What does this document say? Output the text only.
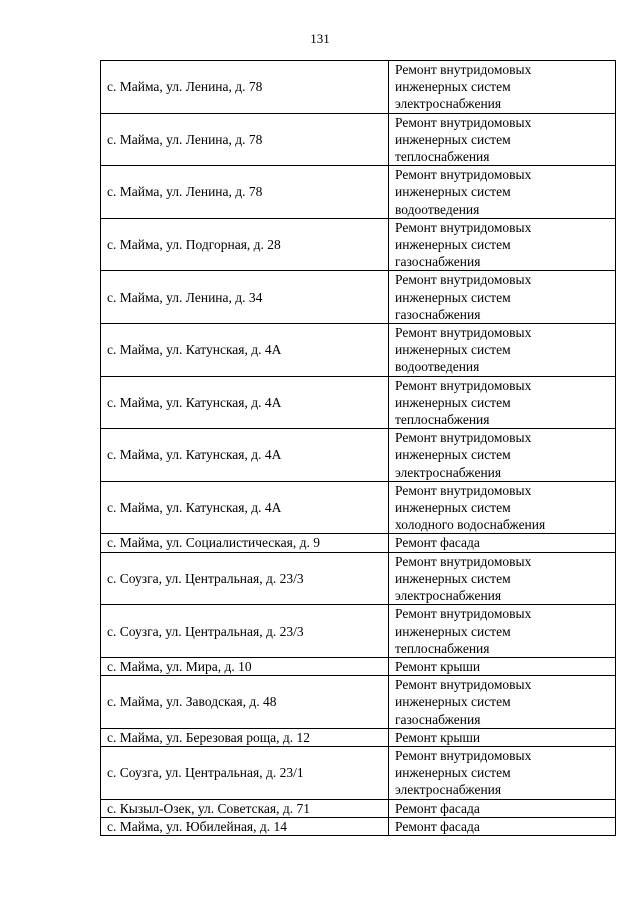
131
с. Майма, ул. Ленина, д. 78	Ремонт внутридомовых
инженерных систем
электроснабжения
с. Майма, ул. Ленина, д. 78	Ремонт внутридомовых
инженерных систем
теплоснабжения
с. Майма, ул. Ленина, д. 78	Ремонт внутридомовых
инженерных систем
водоотведения
с. Майма, ул. Подгорная, д. 28	Ремонт внутридомовых
инженерных систем
газоснабжения
с. Майма, ул. Ленина, д. 34	Ремонт внутридомовых
инженерных систем
газоснабжения
с. Майма, ул. Катунская, д. 4А	Ремонт внутридомовых
инженерных систем
водоотведения
с. Майма, ул. Катунская, д. 4А	Ремонт внутридомовых
инженерных систем
теплоснабжения
с. Майма, ул. Катунская, д. 4А	Ремонт внутридомовых
инженерных систем
электроснабжения
с. Майма, ул. Катунская, д. 4А	Ремонт внутридомовых
инженерных систем
холодного водоснабжения
с. Майма, ул. Социалистическая, д. 9	Ремонт фасада
с. Соузга, ул. Центральная, д. 23/3	Ремонт внутридомовых
инженерных систем
электроснабжения
с. Соузга, ул. Центральная, д. 23/3	Ремонт внутридомовых
инженерных систем
теплоснабжения
с. Майма, ул. Мира, д. 10	Ремонт крыши
с. Майма, ул. Заводская, д. 48	Ремонт внутридомовых
инженерных систем
газоснабжения
с. Майма, ул. Березовая роща, д. 12	Ремонт крыши
с. Соузга, ул. Центральная, д. 23/1	Ремонт внутридомовых
инженерных систем
электроснабжения
с. Кызыл-Озек, ул. Советская, д. 71	Ремонт фасада
с. Майма, ул. Юбилейная, д. 14	Ремонт фасада
